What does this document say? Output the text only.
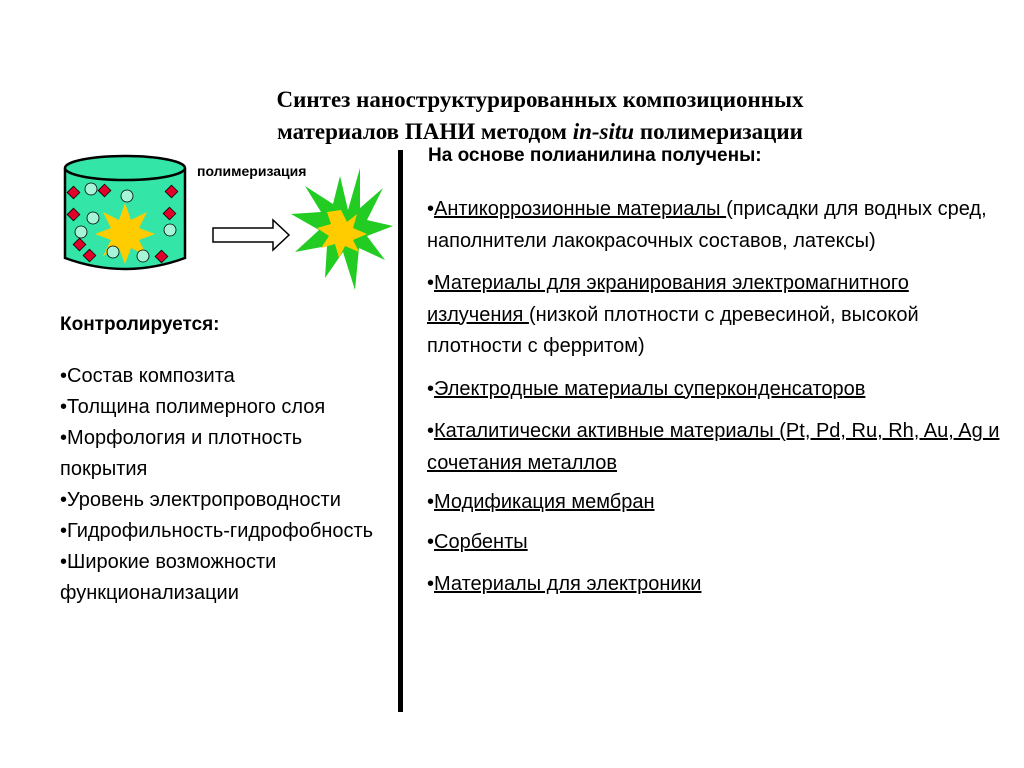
Синтез наноструктурированных композиционных
материалов ПАНИ методом in-situ полимеризации
полимеризация
Контролируется:
•Состав композита
•Толщина полимерного слоя
•Морфология и плотность покрытия
•Уровень электропроводности
•Гидрофильность-гидрофобность
•Широкие возможности функционализации
На основе полианилина получены:
•Антикоррозионные материалы (присадки для водных сред, наполнители лакокрасочных составов, латексы)
•Материалы для экранирования электромагнитного излучения (низкой плотности с древесиной, высокой плотности с ферритом)
•Электродные материалы суперконденсаторов
•Каталитически активные материалы (Pt, Pd, Ru, Rh, Au, Ag и сочетания металлов
•Модификация мембран
•Сорбенты
•Материалы для электроники
